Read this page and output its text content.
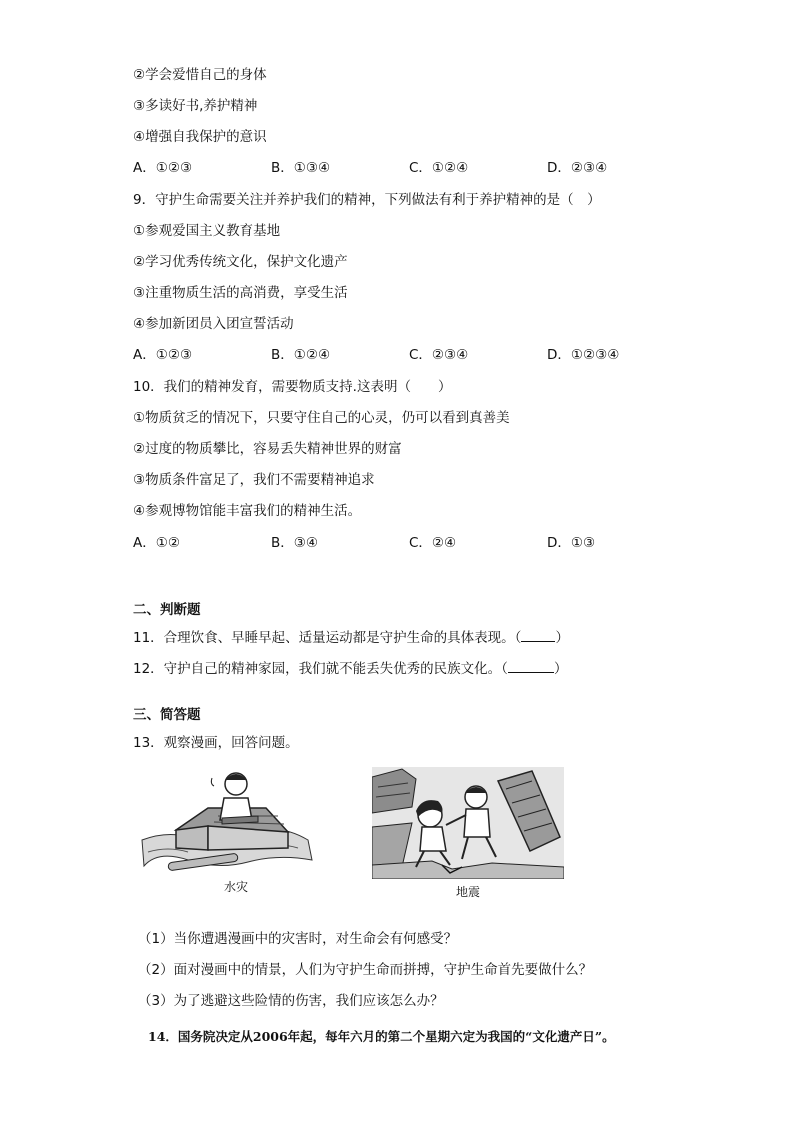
②学会爱惜自己的身体
③多读好书,养护精神
④增强自我保护的意识
A．①②③	B．①③④	C．①②④	D．②③④
9．守护生命需要关注并养护我们的精神，下列做法有利于养护精神的是（　）
①参观爱国主义教育基地
②学习优秀传统文化，保护文化遗产
③注重物质生活的高消费，享受生活
④参加新团员入团宣誓活动
A．①②③	B．①②④	C．②③④	D．①②③④
10．我们的精神发育，需要物质支持.这表明（　　）
①物质贫乏的情况下，只要守住自己的心灵，仍可以看到真善美
②过度的物质攀比，容易丢失精神世界的财富
③物质条件富足了，我们不需要精神追求
④参观博物馆能丰富我们的精神生活。
A．①②	B．③④	C．②④	D．①③
二、判断题
11．合理饮食、早睡早起、适量运动都是守护生命的具体表现。（	）
12．守护自己的精神家园，我们就不能丢失优秀的民族文化。（	）
三、简答题
13．观察漫画，回答问题。
水灾	地震
（1）当你遭遇漫画中的灾害时，对生命会有何感受？
（2）面对漫画中的情景，人们为守护生命而拼搏，守护生命首先要做什么？
（3）为了逃避这些险情的伤害，我们应该怎么办？
14．国务院决定从2006年起，每年六月的第二个星期六定为我国的“文化遗产日”。
